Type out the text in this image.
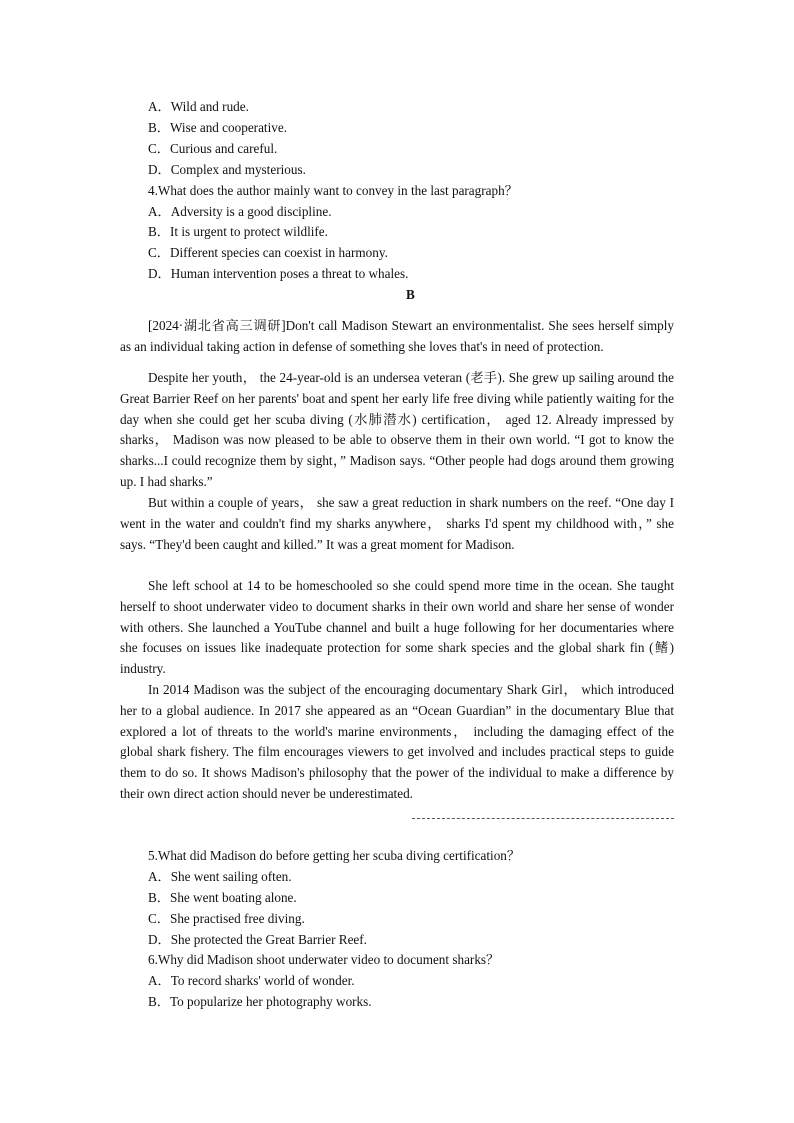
A．Wild and rude.
B．Wise and cooperative.
C．Curious and careful.
D．Complex and mysterious.
4.What does the author mainly want to convey in the last paragraph？
A．Adversity is a good discipline.
B．It is urgent to protect wildlife.
C．Different species can coexist in harmony.
D．Human intervention poses a threat to whales.
B
[2024·湖北省高三调研]Don't call Madison Stewart an environmentalist. She sees herself simply as an individual taking action in defense of something she loves that's in need of protection.
Despite her youth， the 24-year-old is an undersea veteran (老手). She grew up sailing around the Great Barrier Reef on her parents' boat and spent her early life free diving while patiently waiting for the day when she could get her scuba diving (水肺潜水) certification， aged 12. Already impressed by sharks， Madison was now pleased to be able to observe them in their own world. “I got to know the sharks...I could recognize them by sight，” Madison says. “Other people had dogs around them growing up. I had sharks.”
But within a couple of years， she saw a great reduction in shark numbers on the reef. “One day I went in the water and couldn't find my sharks anywhere， sharks I'd spent my childhood with，” she says. “They'd been caught and killed.” It was a great moment for Madison.
She left school at 14 to be homeschooled so she could spend more time in the ocean. She taught herself to shoot underwater video to document sharks in their own world and share her sense of wonder with others. She launched a YouTube channel and built a huge following for her documentaries where she focuses on issues like inadequate protection for some shark species and the global shark fin (鳍) industry.
In 2014 Madison was the subject of the encouraging documentary Shark Girl， which introduced her to a global audience. In 2017 she appeared as an “Ocean Guardian” in the documentary Blue that explored a lot of threats to the world's marine environments， including the damaging effect of the global shark fishery. The film encourages viewers to get involved and includes practical steps to guide them to do so. It shows Madison's philosophy that the power of the individual to make a difference by their own direct action should never be underestimated.
5.What did Madison do before getting her scuba diving certification？
A．She went sailing often.
B．She went boating alone.
C．She practised free diving.
D．She protected the Great Barrier Reef.
6.Why did Madison shoot underwater video to document sharks？
A．To record sharks' world of wonder.
B．To popularize her photography works.
